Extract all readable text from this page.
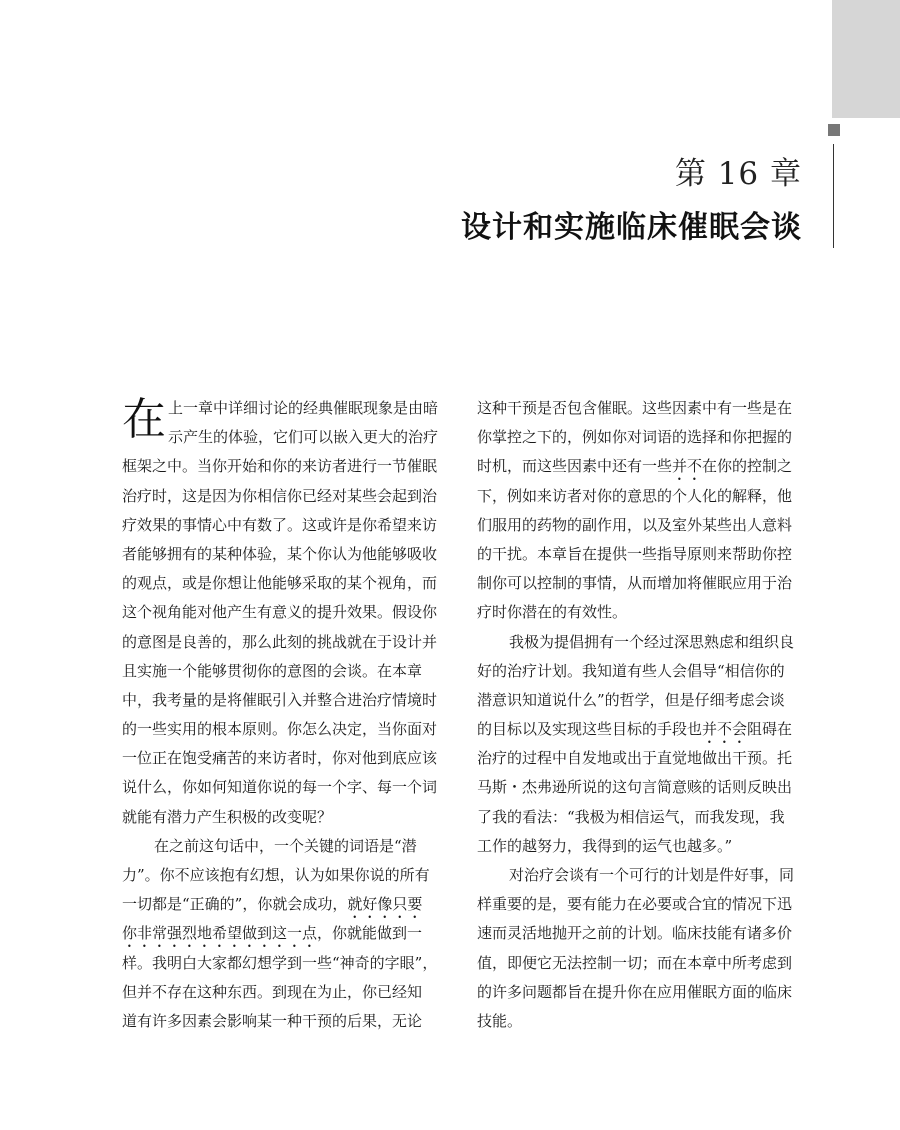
第 16 章
设计和实施临床催眠会谈
在 上一章中详细讨论的经典催眠现象是由暗
示产生的体验，它们可以嵌入更大的治疗
框架之中。当你开始和你的来访者进行一节催眠
治疗时，这是因为你相信你已经对某些会起到治
疗效果的事情心中有数了。这或许是你希望来访
者能够拥有的某种体验，某个你认为他能够吸收
的观点，或是你想让他能够采取的某个视角，而
这个视角能对他产生有意义的提升效果。假设你
的意图是良善的，那么此刻的挑战就在于设计并
且实施一个能够贯彻你的意图的会谈。在本章
中，我考量的是将催眠引入并整合进治疗情境时
的一些实用的根本原则。你怎么决定，当你面对
一位正在饱受痛苦的来访者时，你对他到底应该
说什么，你如何知道你说的每一个字、每一个词
就能有潜力产生积极的改变呢？
在之前这句话中，一个关键的词语是“潜
力”。你不应该抱有幻想，认为如果你说的所有
一切都是“正确的”，你就会成功，就好像只要
你非常强烈地希望做到这一点，你就能做到一
样。我明白大家都幻想学到一些“神奇的字眼”，
但并不存在这种东西。到现在为止，你已经知
道有许多因素会影响某一种干预的后果，无论
这种干预是否包含催眠。这些因素中有一些是在
你掌控之下的，例如你对词语的选择和你把握的
时机，而这些因素中还有一些并不在你的控制之
下，例如来访者对你的意思的个人化的解释，他
们服用的药物的副作用，以及室外某些出人意料
的干扰。本章旨在提供一些指导原则来帮助你控
制你可以控制的事情，从而增加将催眠应用于治
疗时你潜在的有效性。
我极为提倡拥有一个经过深思熟虑和组织良
好的治疗计划。我知道有些人会倡导“相信你的
潜意识知道说什么”的哲学，但是仔细考虑会谈
的目标以及实现这些目标的手段也并不会阻碍在
治疗的过程中自发地或出于直觉地做出干预。托
马斯・杰弗逊所说的这句言简意赅的话则反映出
了我的看法：“我极为相信运气，而我发现，我
工作的越努力，我得到的运气也越多。”
对治疗会谈有一个可行的计划是件好事，同
样重要的是，要有能力在必要或合宜的情况下迅
速而灵活地抛开之前的计划。临床技能有诸多价
值，即便它无法控制一切；而在本章中所考虑到
的许多问题都旨在提升你在应用催眠方面的临床
技能。
